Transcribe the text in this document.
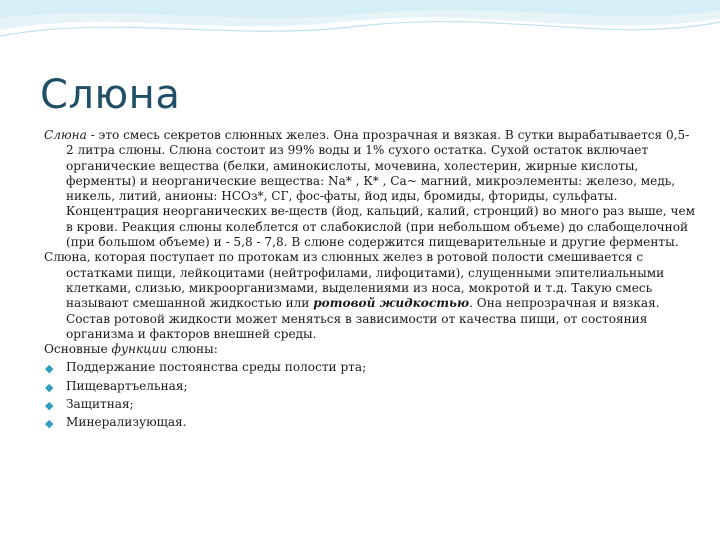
Слюна

Слюна - это смесь секретов слюнных желез. Она прозрачная и вязкая. В сутки вырабатывается 0,5-2 литра слюны. Слюна состоит из 99% воды и 1% сухого остатка. Сухой остаток включает органические вещества (белки, аминокислоты, мочевина, холестерин, жирные кислоты, ферменты) и неорганические вещества: Na* , К* , Са~ магний, микроэлементы: железо, медь, никель, литий, анионы: НСОз*, СГ, фос-фаты, йод иды, бромиды, фториды, сульфаты. Концентрация неорганических ве-ществ (йод, кальций, калий, стронций) во много раз выше, чем в крови. Реакция слюны колеблется от слабокислой (при небольшом объеме) до слабощелочной (при большом объеме) и - 5,8 - 7,8. В слюне содержится пищеварительные и другие ферменты.

Слюна, которая поступает по протокам из слюнных желез в ротовой полости смешивается с остатками пищи, лейкоцитами (нейтрофилами, лифоцитами), слущенными эпителиальными клетками, слизью, микроорганизмами, выделениями из носа, мокротой и т.д. Такую смесь называют смешанной жидкостью или ротовой жидкостью. Она непрозрачная и вязкая. Состав ротовой жидкости может меняться в зависимости от качества пищи, от состояния организма и факторов внешней среды.

Основные функции слюны:

◆ Поддержание постоянства среды полости рта;
◆ Пищевартъельная;
◆ Защитная;
◆ Минерализующая.
